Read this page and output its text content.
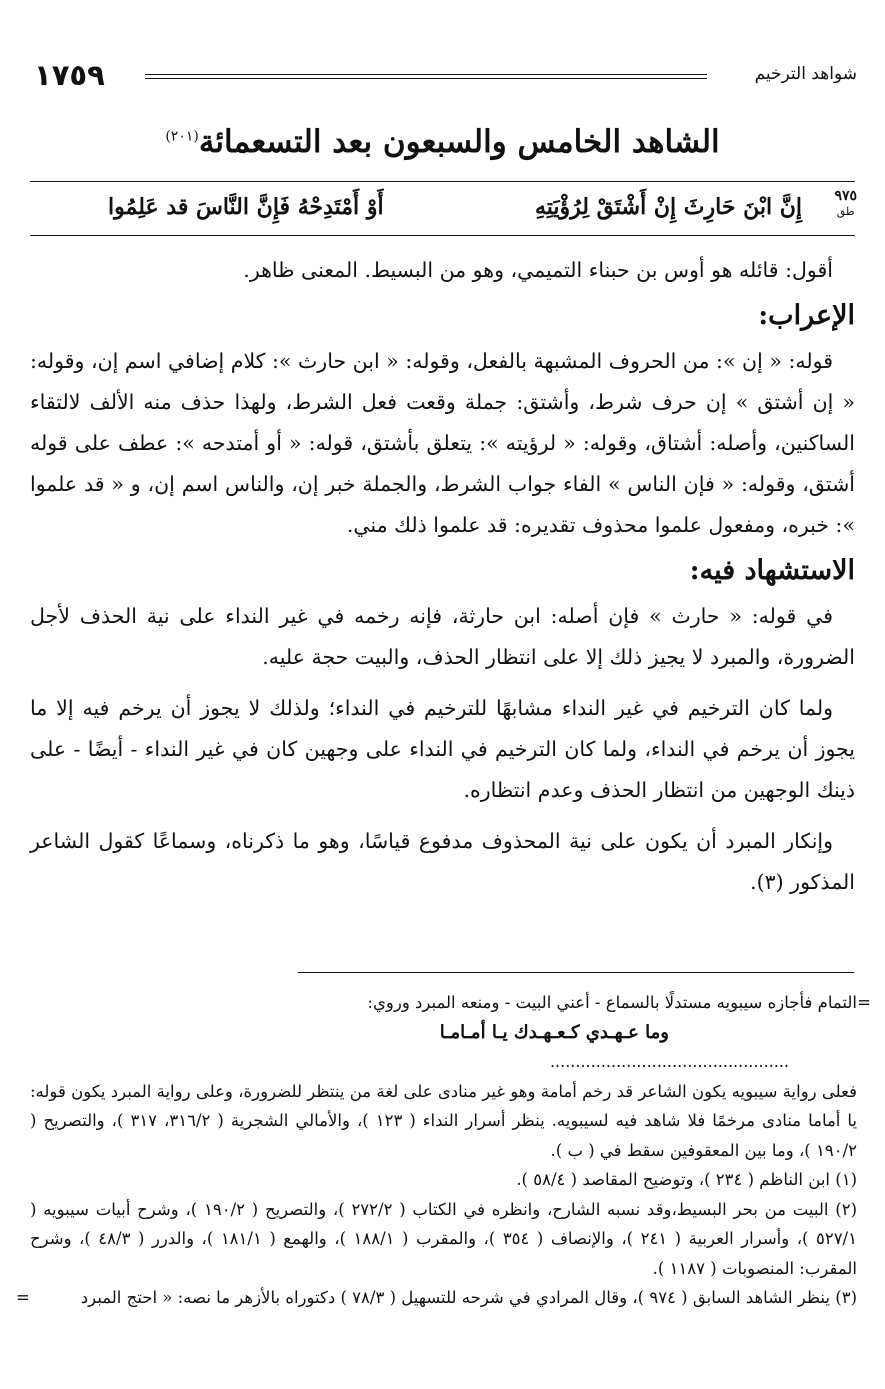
شواهد الترخيم
١٧٥٩
الشاهد الخامس والسبعون بعد التسعمائة$^{(٢٠١)}$
٩٧٥
طق
إِنَّ ابْنَ حَارِثَ إِنْ أَشْتَقْ لِرُؤْيَتِهِ
أَوْ أَمْتَدِحْهُ فَإِنَّ النَّاسَ قد عَلِمُوا

أقول: قائله هو أوس بن حبناء التميمي، وهو من البسيط. المعنى ظاهر.

الإعراب:

قوله: « إن »: من الحروف المشبهة بالفعل، وقوله: « ابن حارث »: كلام إضافي اسم إن، وقوله: « إن أشتق » إن حرف شرط، وأشتق: جملة وقعت فعل الشرط، ولهذا حذف منه الألف لالتقاء الساكنين، وأصله: أشتاق، وقوله: « لرؤيته »: يتعلق بأشتق، قوله: « أو أمتدحه »: عطف على قوله أشتق، وقوله: « فإن الناس » الفاء جواب الشرط، والجملة خبر إن، والناس اسم إن، و « قد علموا »: خبره، ومفعول علموا محذوف تقديره: قد علموا ذلك مني.

الاستشهاد فيه:

في قوله: « حارث » فإن أصله: ابن حارثة، فإنه رخمه في غير النداء على نية الحذف لأجل الضرورة، والمبرد لا يجيز ذلك إلا على انتظار الحذف، والبيت حجة عليه.

ولما كان الترخيم في غير النداء مشابهًا للترخيم في النداء؛ ولذلك لا يجوز أن يرخم فيه إلا ما يجوز أن يرخم في النداء، ولما كان الترخيم في النداء على وجهين كان في غير النداء - أيضًا - على ذينك الوجهين من انتظار الحذف وعدم انتظاره.

وإنكار المبرد أن يكون على نية المحذوف مدفوع قياسًا، وهو ما ذكرناه، وسماعًا كقول الشاعر المذكور (٣).

=
التمام فأجازه سيبويه مستدلًا بالسماع - أعني البيت - ومنعه المبرد وروي:

وما عـهـدي كـعـهـدك يـا أمـامـا

...............................................

فعلى رواية سيبويه يكون الشاعر قد رخم أمامة وهو غير منادى على لغة من ينتظر للضرورة، وعلى رواية المبرد يكون قوله: يا أماما منادى مرخمًا فلا شاهد فيه لسيبويه. ينظر أسرار النداء ( ١٢٣ )، والأمالي الشجرية ( ٣١٦/٢، ٣١٧ )، والتصريح ( ١٩٠/٢ )، وما بين المعقوفين سقط في ( ب ).

(١) ابن الناظم ( ٢٣٤ )، وتوضيح المقاصد ( ٥٨/٤ ).

(٢) البيت من بحر البسيط،وقد نسبه الشارح، وانظره في الكتاب ( ٢٧٢/٢ )، والتصريح ( ١٩٠/٢ )، وشرح أبيات سيبويه ( ٥٢٧/١ )، وأسرار العربية ( ٢٤١ )، والإنصاف ( ٣٥٤ )، والمقرب ( ١٨٨/١ )، والهمع ( ١٨١/١ )، والدرر ( ٤٨/٣ )، وشرح المقرب: المنصوبات ( ١١٨٧ ).

(٣) ينظر الشاهد السابق ( ٩٧٤ )، وقال المرادي في شرحه للتسهيل ( ٧٨/٣ ) دكتوراه بالأزهر ما نصه: « احتج المبرد
=
